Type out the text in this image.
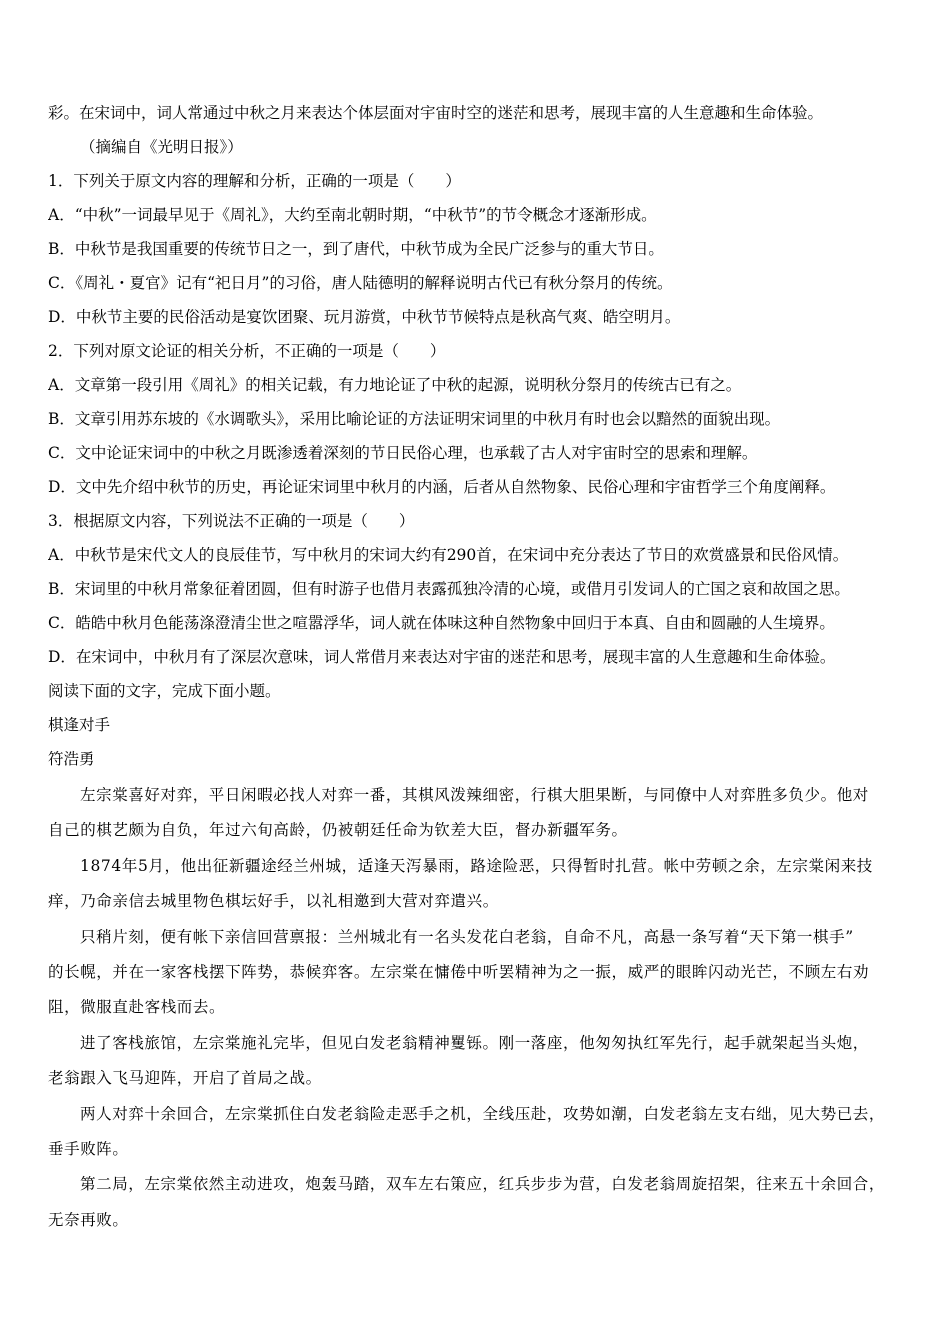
彩。在宋词中，词人常通过中秋之月来表达个体层面对宇宙时空的迷茫和思考，展现丰富的人生意趣和生命体验。
（摘编自《光明日报》）
1．下列关于原文内容的理解和分析，正确的一项是（　　）
A．“中秋”一词最早见于《周礼》，大约至南北朝时期，“中秋节”的节令概念才逐渐形成。
B．中秋节是我国重要的传统节日之一，到了唐代，中秋节成为全民广泛参与的重大节日。
C．《周礼・夏官》记有“祀日月”的习俗，唐人陆德明的解释说明古代已有秋分祭月的传统。
D．中秋节主要的民俗活动是宴饮团聚、玩月游赏，中秋节节候特点是秋高气爽、皓空明月。
2．下列对原文论证的相关分析，不正确的一项是（　　）
A．文章第一段引用《周礼》的相关记载，有力地论证了中秋的起源，说明秋分祭月的传统古已有之。
B．文章引用苏东坡的《水调歌头》，采用比喻论证的方法证明宋词里的中秋月有时也会以黯然的面貌出现。
C．文中论证宋词中的中秋之月既渗透着深刻的节日民俗心理，也承载了古人对宇宙时空的思索和理解。
D．文中先介绍中秋节的历史，再论证宋词里中秋月的内涵，后者从自然物象、民俗心理和宇宙哲学三个角度阐释。
3．根据原文内容，下列说法不正确的一项是（　　）
A．中秋节是宋代文人的良辰佳节，写中秋月的宋词大约有290首，在宋词中充分表达了节日的欢赏盛景和民俗风情。
B．宋词里的中秋月常象征着团圆，但有时游子也借月表露孤独冷清的心境，或借月引发词人的亡国之哀和故国之思。
C．皓皓中秋月色能荡涤澄清尘世之喧嚣浮华，词人就在体味这种自然物象中回归于本真、自由和圆融的人生境界。
D．在宋词中，中秋月有了深层次意味，词人常借月来表达对宇宙的迷茫和思考，展现丰富的人生意趣和生命体验。
阅读下面的文字，完成下面小题。
棋逢对手
符浩勇
左宗棠喜好对弈，平日闲暇必找人对弈一番，其棋风泼辣细密，行棋大胆果断，与同僚中人对弈胜多负少。他对
自己的棋艺颇为自负，年过六旬高龄，仍被朝廷任命为钦差大臣，督办新疆军务。
1874年5月，他出征新疆途经兰州城，适逢天泻暴雨，路途险恶，只得暂时扎营。帐中劳顿之余，左宗棠闲来技
痒，乃命亲信去城里物色棋坛好手，以礼相邀到大营对弈遣兴。
只稍片刻，便有帐下亲信回营禀报：兰州城北有一名头发花白老翁，自命不凡，高悬一条写着“天下第一棋手”
的长幌，并在一家客栈摆下阵势，恭候弈客。左宗棠在慵倦中听罢精神为之一振，威严的眼眸闪动光芒，不顾左右劝
阻，微服直赴客栈而去。
进了客栈旅馆，左宗棠施礼完毕，但见白发老翁精神矍铄。刚一落座，他匆匆执红军先行，起手就架起当头炮，
老翁跟入飞马迎阵，开启了首局之战。
两人对弈十余回合，左宗棠抓住白发老翁险走恶手之机，全线压赴，攻势如潮，白发老翁左支右绌，见大势已去，
垂手败阵。
第二局，左宗棠依然主动进攻，炮轰马踏，双车左右策应，红兵步步为营，白发老翁周旋招架，往来五十余回合，
无奈再败。
